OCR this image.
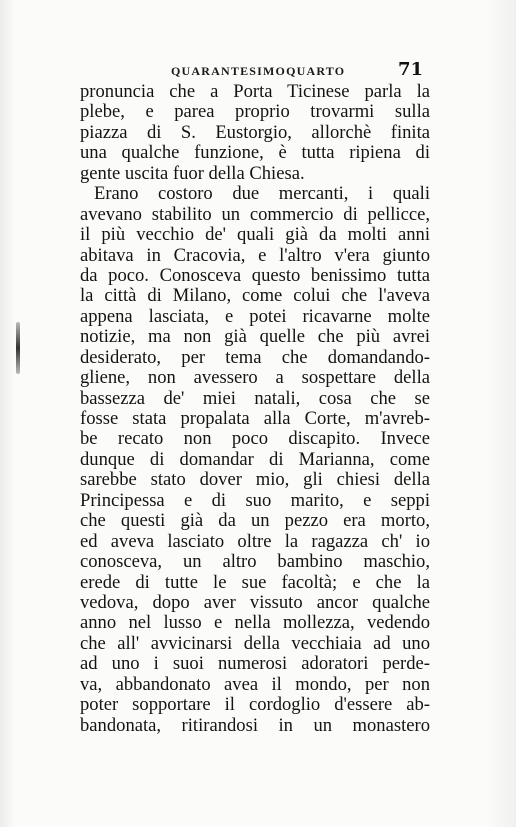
QUARANTESIMOQUARTO	71
pronuncia che a Porta Ticinese parla la
plebe, e parea proprio trovarmi sulla
piazza di S. Eustorgio, allorchè finita
una qualche funzione, è tutta ripiena di
gente uscita fuor della Chiesa.
Erano costoro due mercanti, i quali
avevano stabilito un commercio di pellicce,
il più vecchio de' quali già da molti anni
abitava in Cracovia, e l'altro v'era giunto
da poco. Conosceva questo benissimo tutta
la città di Milano, come colui che l'aveva
appena lasciata, e potei ricavarne molte
notizie, ma non già quelle che più avrei
desiderato, per tema che domandando-
gliene, non avessero a sospettare della
bassezza de' miei natali, cosa che se
fosse stata propalata alla Corte, m'avreb-
be recato non poco discapito. Invece
dunque di domandar di Marianna, come
sarebbe stato dover mio, gli chiesi della
Principessa e di suo marito, e seppi
che questi già da un pezzo era morto,
ed aveva lasciato oltre la ragazza ch' io
conosceva, un altro bambino maschio,
erede di tutte le sue facoltà; e che la
vedova, dopo aver vissuto ancor qualche
anno nel lusso e nella mollezza, vedendo
che all' avvicinarsi della vecchiaia ad uno
ad uno i suoi numerosi adoratori perde-
va, abbandonato avea il mondo, per non
poter sopportare il cordoglio d'essere ab-
bandonata, ritirandosi in un monastero
